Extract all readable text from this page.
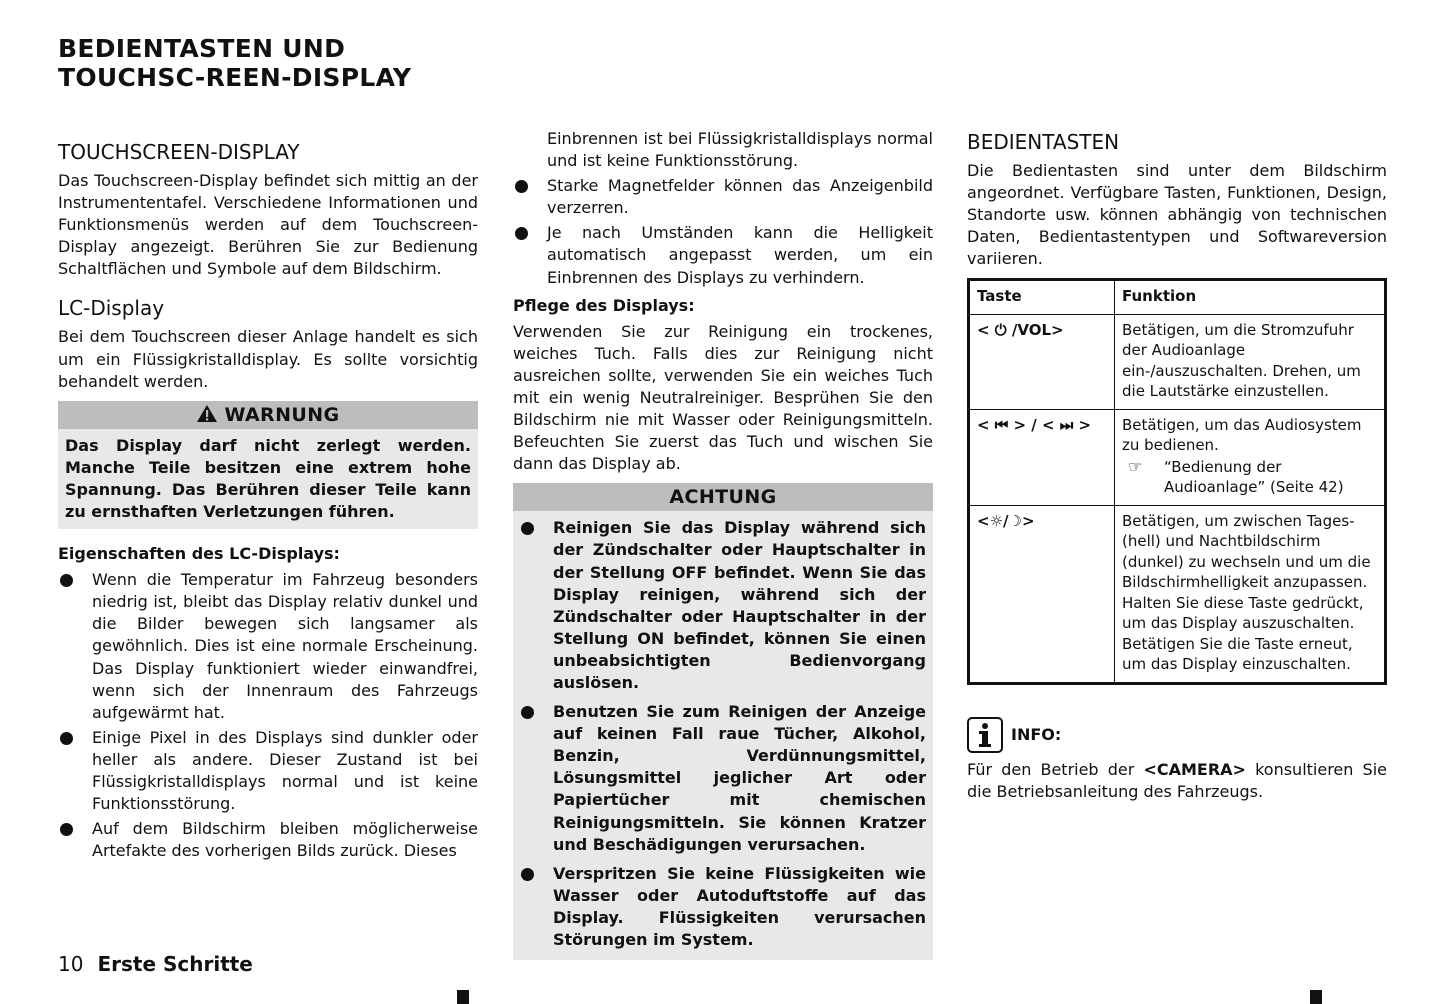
BEDIENTASTEN UND TOUCHSC-REEN-DISPLAY
TOUCHSCREEN-DISPLAY

Das Touchscreen-Display befindet sich mittig an der Instrumententafel. Verschiedene Informationen und Funktionsmenüs werden auf dem Touchscreen-Display angezeigt. Berühren Sie zur Bedienung Schaltflächen und Symbole auf dem Bildschirm.

LC-Display

Bei dem Touchscreen dieser Anlage handelt es sich um ein Flüssigkristalldisplay. Es sollte vorsichtig behandelt werden.

WARNUNG

Das Display darf nicht zerlegt werden. Manche Teile besitzen eine extrem hohe Spannung. Das Berühren dieser Teile kann zu ernsthaften Verletzungen führen.

Eigenschaften des LC-Displays:
Wenn die Temperatur im Fahrzeug besonders niedrig ist, bleibt das Display relativ dunkel und die Bilder bewegen sich langsamer als gewöhnlich. Dies ist eine normale Erscheinung. Das Display funktioniert wieder einwandfrei, wenn sich der Innenraum des Fahrzeugs aufgewärmt hat.
Einige Pixel in des Displays sind dunkler oder heller als andere. Dieser Zustand ist bei Flüssigkristalldisplays normal und ist keine Funktionsstörung.
Auf dem Bildschirm bleiben möglicherweise Artefakte des vorherigen Bilds zurück. Dieses

Einbrennen ist bei Flüssigkristalldisplays normal und ist keine Funktionsstörung.

Starke Magnetfelder können das Anzeigenbild verzerren.
Je nach Umständen kann die Helligkeit automatisch angepasst werden, um ein Einbrennen des Displays zu verhindern.
Pflege des Displays:

Verwenden Sie zur Reinigung ein trockenes, weiches Tuch. Falls dies zur Reinigung nicht ausreichen sollte, verwenden Sie ein weiches Tuch mit ein wenig Neutralreiniger. Besprühen Sie den Bildschirm nie mit Wasser oder Reinigungsmitteln. Befeuchten Sie zuerst das Tuch und wischen Sie dann das Display ab.

ACHTUNG
Reinigen Sie das Display während sich der Zündschalter oder Hauptschalter in der Stellung OFF befindet. Wenn Sie das Display reinigen, während sich der Zündschalter oder Hauptschalter in der Stellung ON befindet, können Sie einen unbeabsichtigten Bedienvorgang auslösen.
Benutzen Sie zum Reinigen der Anzeige auf keinen Fall raue Tücher, Alkohol, Benzin, Verdünnungsmittel, Lösungsmittel jeglicher Art oder Papiertücher mit chemischen Reinigungsmitteln. Sie können Kratzer und Beschädigungen verursachen.
Verspritzen Sie keine Flüssigkeiten wie Wasser oder Autoduftstoffe auf das Display. Flüssigkeiten verursachen Störungen im System.
BEDIENTASTEN

Die Bedientasten sind unter dem Bildschirm angeordnet. Verfügbare Tasten, Funktionen, Design, Standorte usw. können abhängig von technischen Daten, Bedientastentypen und Softwareversion variieren.

Taste	Funktion
< ⏻ /VOL>	Betätigen, um die Stromzufuhr der Audioanlage ein-/auszuschalten. Drehen, um die Lautstärke einzustellen.
< ⏮ > / < ⏭ >	Betätigen, um das Audiosystem zu bedienen.
☞ “Bedienung der Audioanlage” (Seite 42)

<☼/☽>	Betätigen, um zwischen Tages- (hell) und Nachtbildschirm (dunkel) zu wechseln und um die Bildschirmhelligkeit anzupassen. Halten Sie diese Taste gedrückt, um das Display auszuschalten. Betätigen Sie die Taste erneut, um das Display einzuschalten.
INFO:

Für den Betrieb der <CAMERA> konsultieren Sie die Betriebsanleitung des Fahrzeugs.

10 Erste Schritte
